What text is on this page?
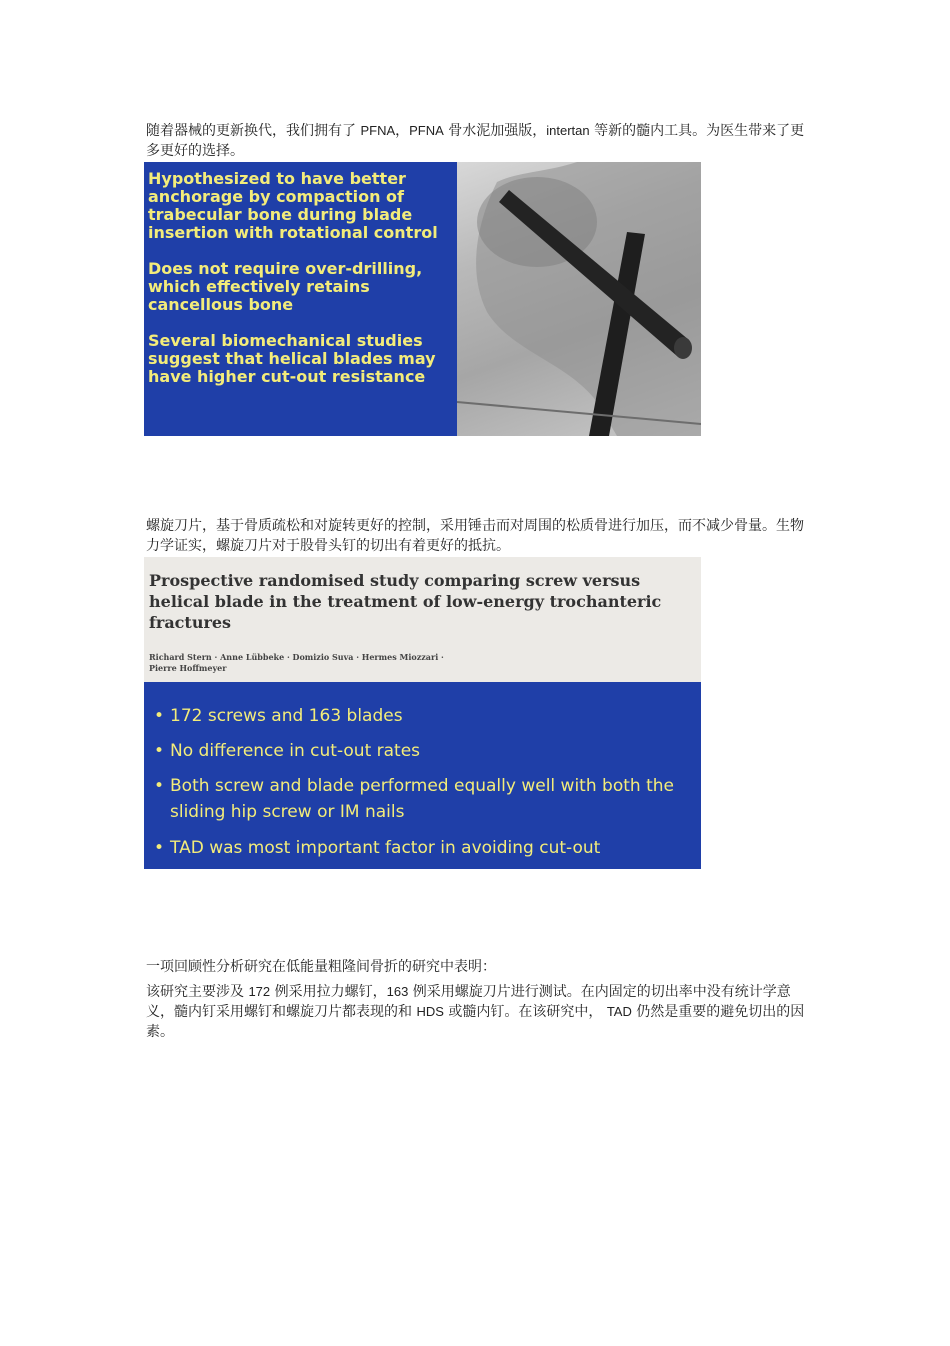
随着器械的更新换代，我们拥有了 PFNA，PFNA 骨水泥加强版，intertan 等新的髓内工具。为医生带来了更多更好的选择。

Hypothesized to have better anchorage by compaction of trabecular bone during blade insertion with rotational control

Does not require over-drilling, which effectively retains cancellous bone

Several biomechanical studies suggest that helical blades may have higher cut-out resistance

螺旋刀片，基于骨质疏松和对旋转更好的控制，采用锤击而对周围的松质骨进行加压，而不减少骨量。生物力学证实，螺旋刀片对于股骨头钉的切出有着更好的抵抗。

Prospective randomised study comparing screw versus helical blade in the treatment of low-energy trochanteric fractures
Richard Stern · Anne Lübbeke · Domizio Suva · Hermes Miozzari · Pierre Hoffmeyer
• 172 screws and 163 blades
• No difference in cut-out rates
• Both screw and blade performed equally well with both the sliding hip screw or IM nails
• TAD was most important factor in avoiding cut-out

一项回顾性分析研究在低能量粗隆间骨折的研究中表明：

该研究主要涉及 172 例采用拉力螺钉，163 例采用螺旋刀片进行测试。在内固定的切出率中没有统计学意义，髓内钉采用螺钉和螺旋刀片都表现的和 HDS 或髓内钉。在该研究中， TAD 仍然是重要的避免切出的因素。
